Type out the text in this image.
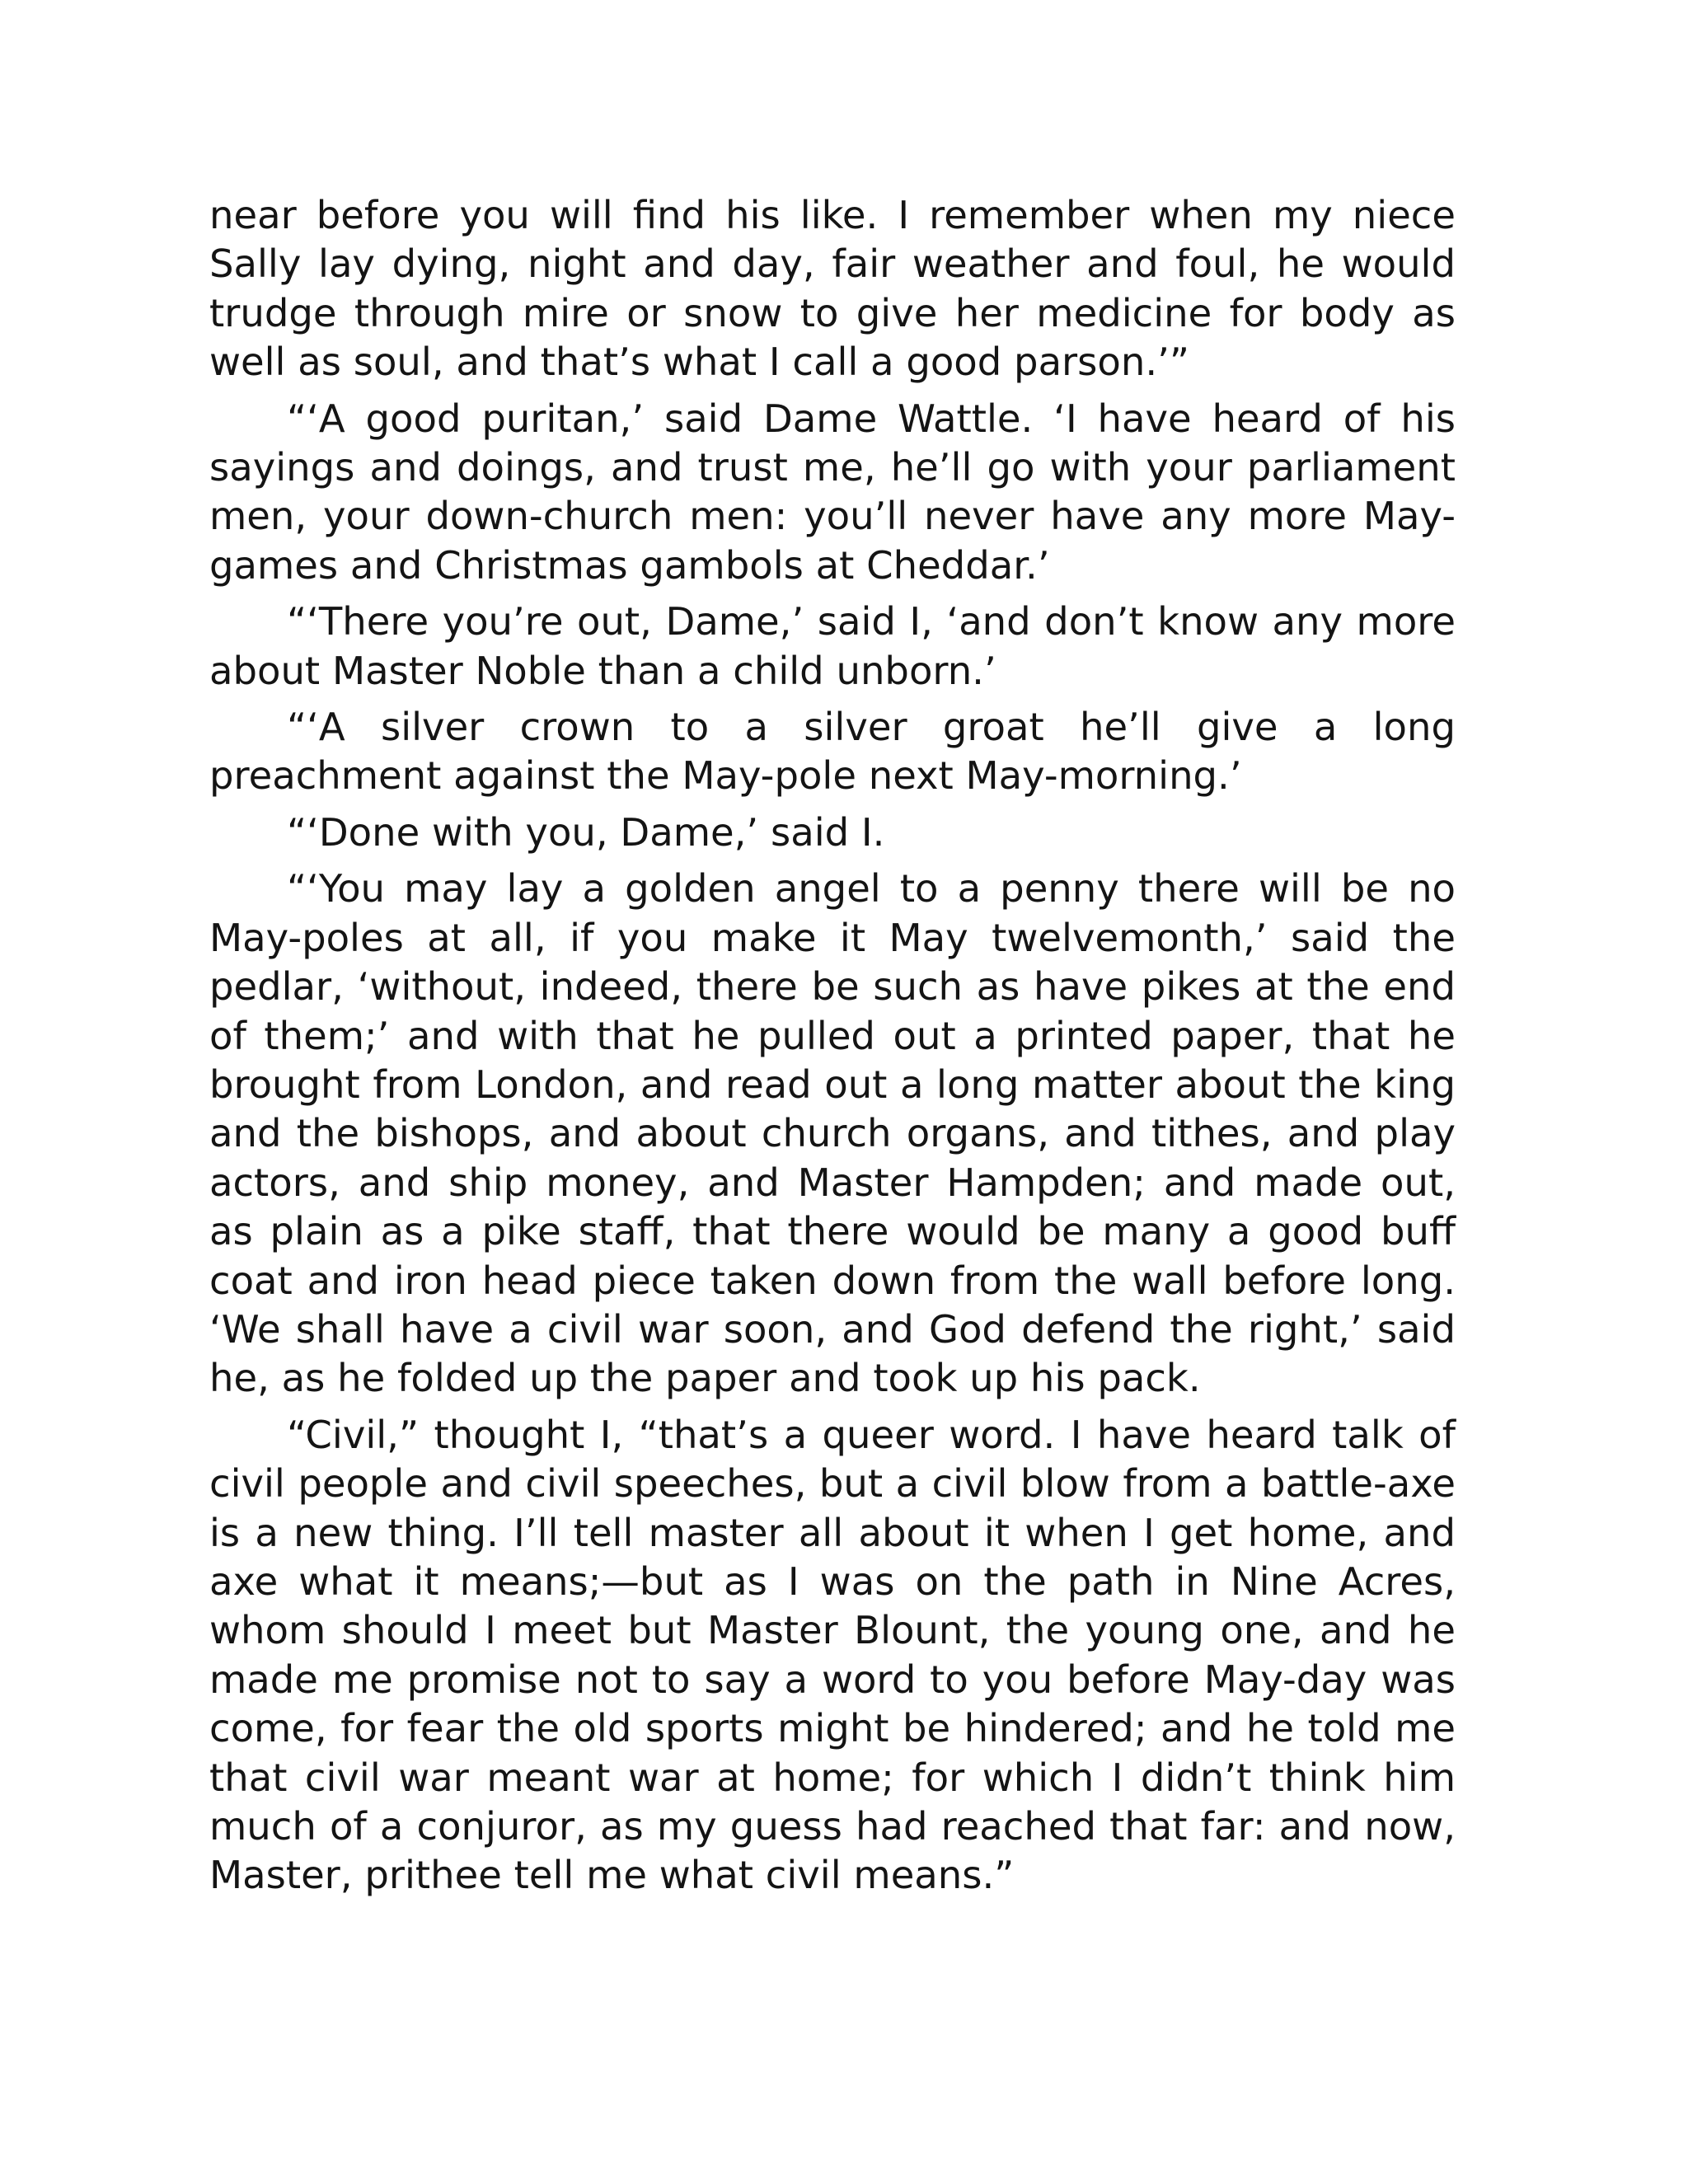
near before you will find his like. I remember when my niece Sally lay dying, night and day, fair weather and foul, he would trudge through mire or snow to give her medicine for body as well as soul, and that’s what I call a good parson.’”

“‘A good puritan,’ said Dame Wattle. ‘I have heard of his sayings and doings, and trust me, he’ll go with your parliament men, your down-church men: you’ll never have any more May-games and Christmas gambols at Cheddar.’

“‘There you’re out, Dame,’ said I, ‘and don’t know any more about Master Noble than a child unborn.’

“‘A silver crown to a silver groat he’ll give a long preachment against the May-pole next May-morning.’

“‘Done with you, Dame,’ said I.

“‘You may lay a golden angel to a penny there will be no May-poles at all, if you make it May twelvemonth,’ said the pedlar, ‘without, indeed, there be such as have pikes at the end of them;’ and with that he pulled out a printed paper, that he brought from London, and read out a long matter about the king and the bishops, and about church organs, and tithes, and play actors, and ship money, and Master Hampden; and made out, as plain as a pike staff, that there would be many a good buff coat and iron head piece taken down from the wall before long. ‘We shall have a civil war soon, and God defend the right,’ said he, as he folded up the paper and took up his pack.

“Civil,” thought I, “that’s a queer word. I have heard talk of civil people and civil speeches, but a civil blow from a battle-axe is a new thing. I’ll tell master all about it when I get home, and axe what it means;—but as I was on the path in Nine Acres, whom should I meet but Master Blount, the young one, and he made me promise not to say a word to you before May-day was come, for fear the old sports might be hindered; and he told me that civil war meant war at home; for which I didn’t think him much of a conjuror, as my guess had reached that far: and now, Master, prithee tell me what civil means.”
